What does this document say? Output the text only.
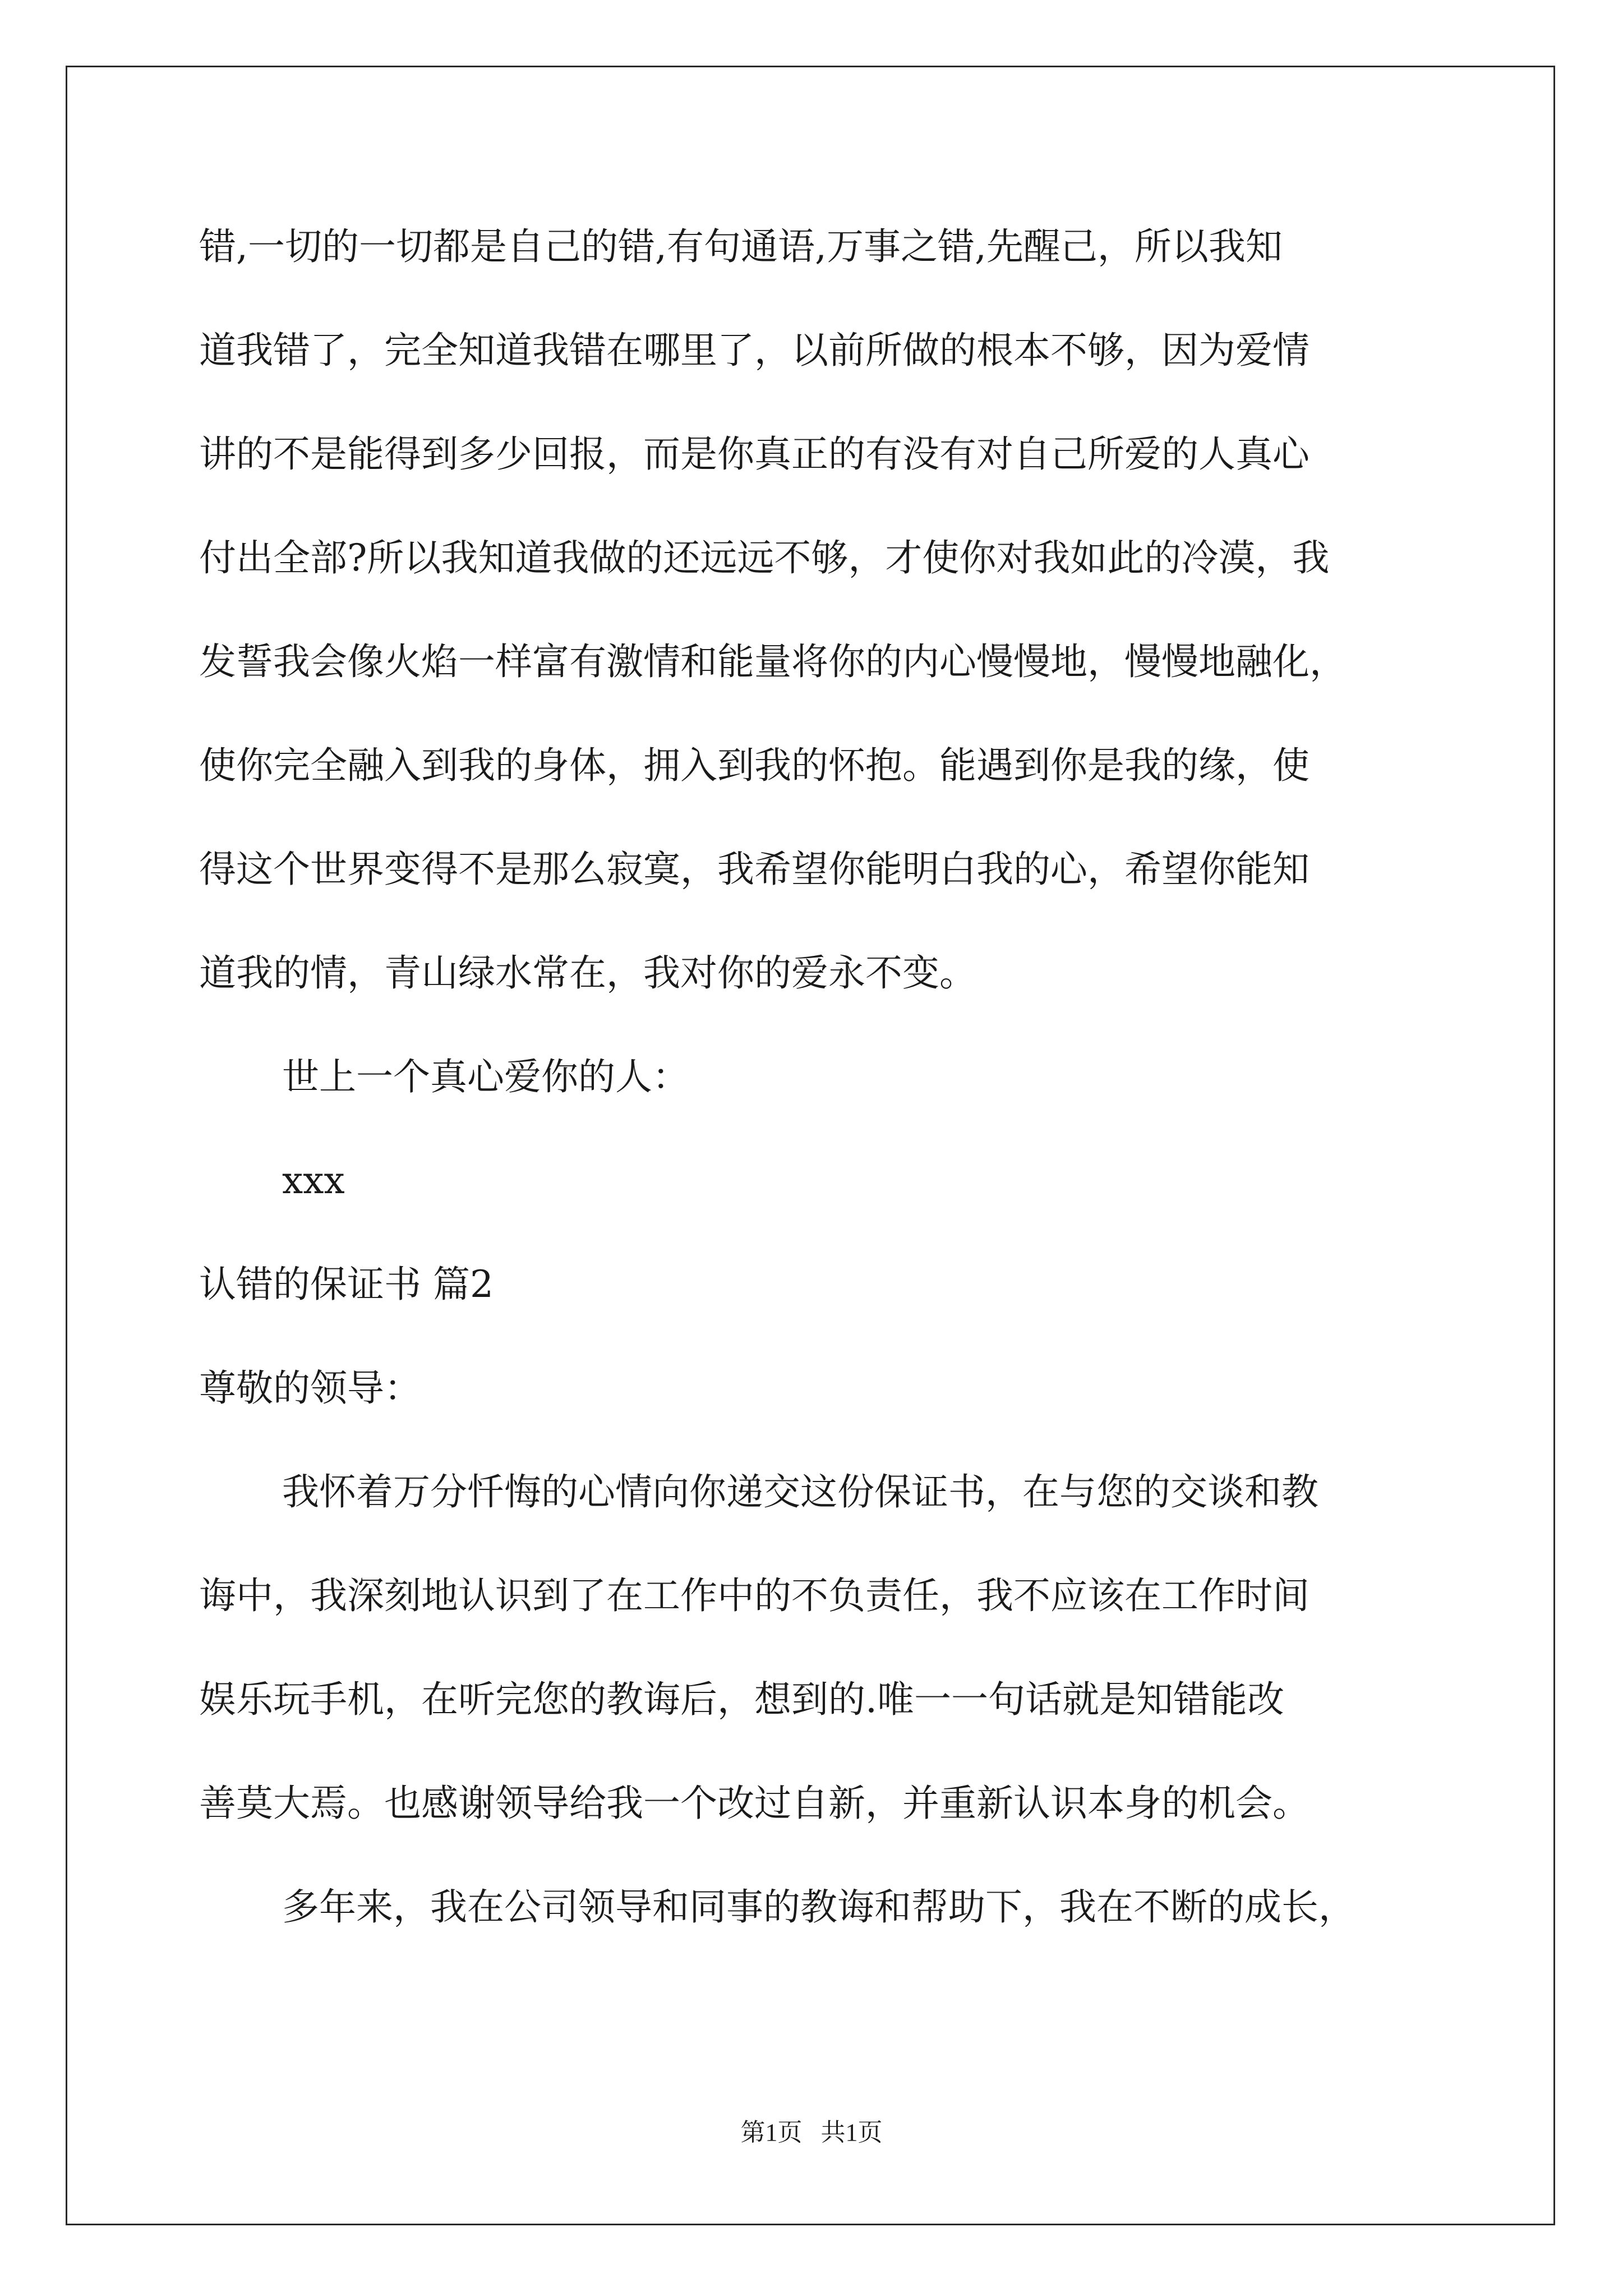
错,一切的一切都是自己的错,有句通语,万事之错,先醒己，所以我知
道我错了，完全知道我错在哪里了，以前所做的根本不够，因为爱情
讲的不是能得到多少回报，而是你真正的有没有对自己所爱的人真心
付出全部?所以我知道我做的还远远不够，才使你对我如此的冷漠，我
发誓我会像火焰一样富有激情和能量将你的内心慢慢地，慢慢地融化，
使你完全融入到我的身体，拥入到我的怀抱。能遇到你是我的缘，使
得这个世界变得不是那么寂寞，我希望你能明白我的心，希望你能知
道我的情，青山绿水常在，我对你的爱永不变。
世上一个真心爱你的人：
xxx
认错的保证书 篇2
尊敬的领导：
我怀着万分忏悔的心情向你递交这份保证书，在与您的交谈和教
诲中，我深刻地认识到了在工作中的不负责任，我不应该在工作时间
娱乐玩手机，在听完您的教诲后，想到的.唯一一句话就是知错能改
善莫大焉。也感谢领导给我一个改过自新，并重新认识本身的机会。
多年来，我在公司领导和同事的教诲和帮助下，我在不断的成长，
第1页   共1页
